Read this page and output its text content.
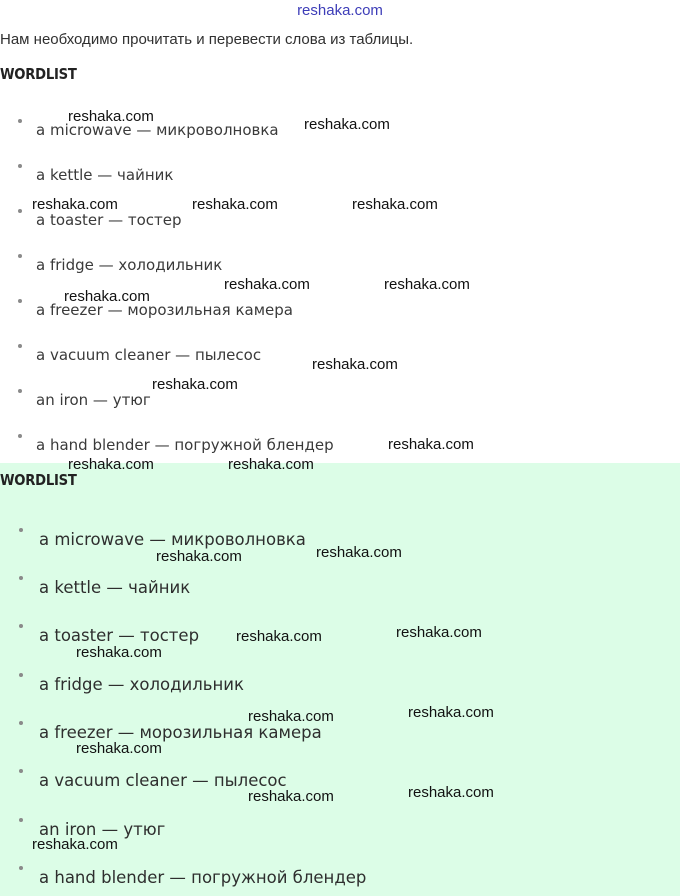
reshaka.com
Нам необходимо прочитать и перевести слова из таблицы.
WORDLIST
a microwave — микроволновка
a kettle — чайник
a toaster — тостер
a fridge — холодильник
a freezer — морозильная камера
a vacuum cleaner — пылесос
an iron — утюг
a hand blender — погружной блендер
WORDLIST
a microwave — микроволновка
a kettle — чайник
a toaster — тостер
a fridge — холодильник
a freezer — морозильная камера
a vacuum cleaner — пылесос
an iron — утюг
a hand blender — погружной блендер
reshaka.com	reshaka.com
reshaka.com	reshaka.com	reshaka.com
reshaka.com	reshaka.com
reshaka.com
reshaka.com
reshaka.com
reshaka.com
reshaka.com	reshaka.com
reshaka.com
reshaka.com
reshaka.com
reshaka.com
reshaka.com
reshaka.com
reshaka.com
reshaka.com
reshaka.com
reshaka.com
reshaka.com
